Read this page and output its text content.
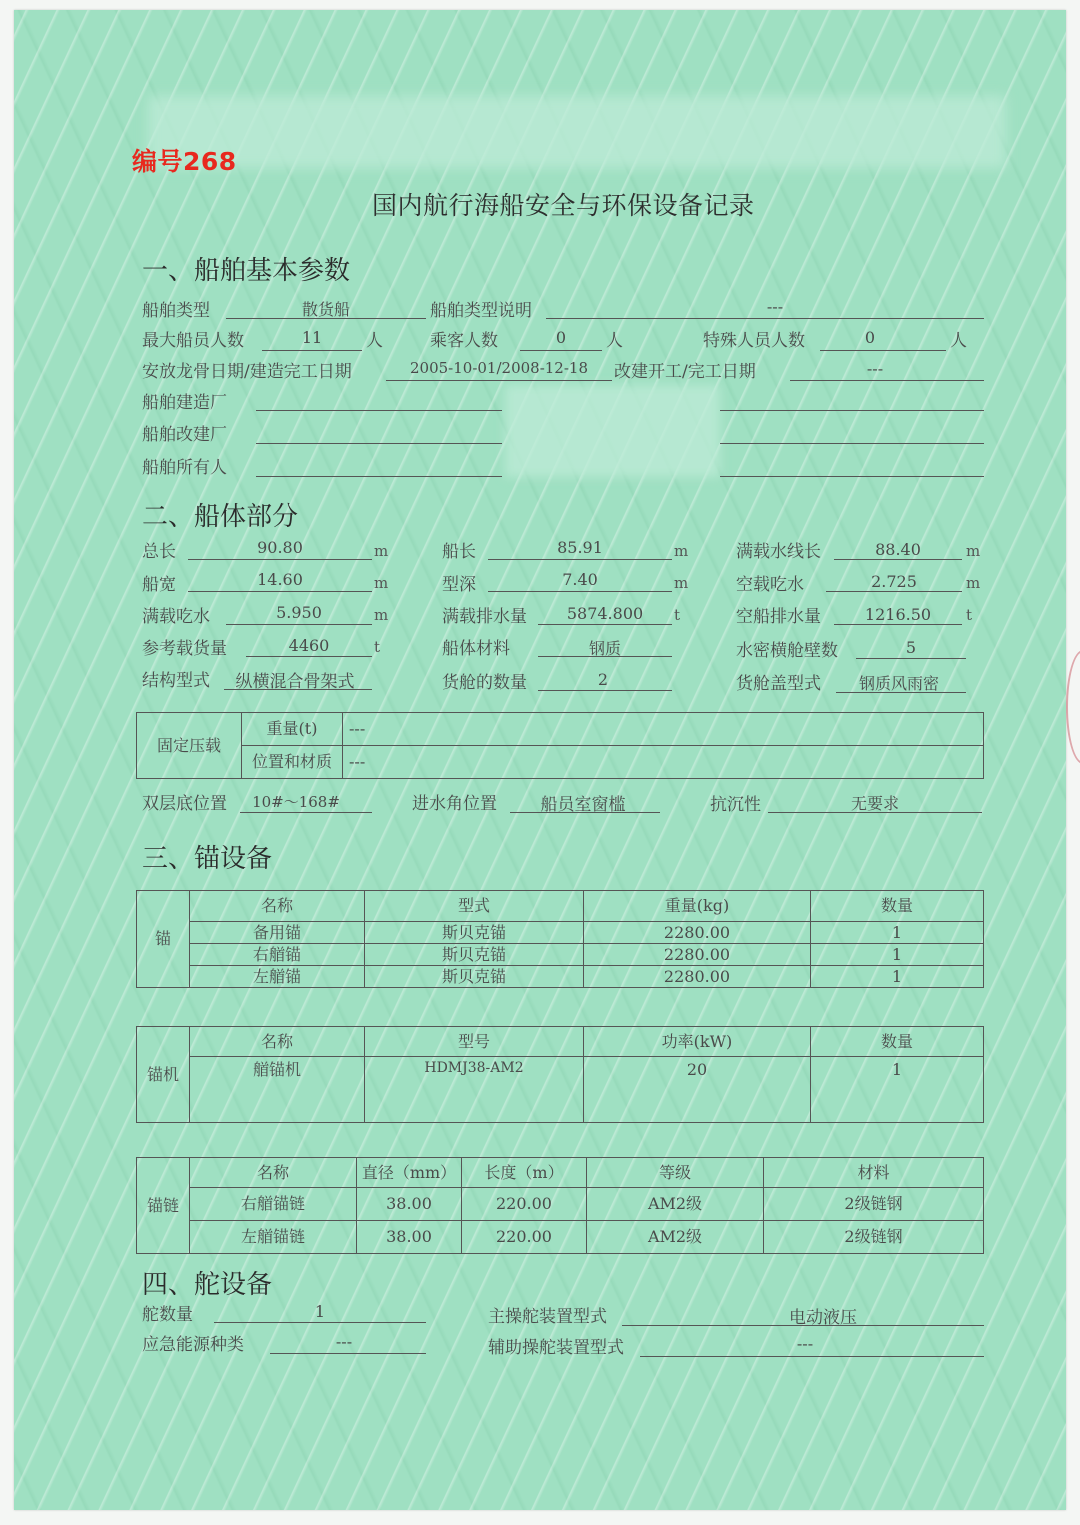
编号268
国内航行海船安全与环保设备记录
一、船舶基本参数
船舶类型	散货船	船舶类型说明	---
最大船员人数	11	人	乘客人数	0	人	特殊人员人数	0	人
安放龙骨日期/建造完工日期	2005-10-01/2008-12-18	改建开工/完工日期	---
船舶建造厂
船舶改建厂
船舶所有人
二、船体部分
总长	90.80	m	船长	85.91	m	满载水线长	88.40	m
船宽	14.60	m	型深	7.40	m	空载吃水	2.725	m
满载吃水	5.950	m	满载排水量	5874.800	t	空船排水量	1216.50	t
参考载货量	4460	t	船体材料	钢质	水密横舱壁数	5
结构型式	纵横混合骨架式	货舱的数量	2	货舱盖型式	钢质风雨密
固定压载	重量(t)	---
	位置和材质	---
双层底位置	10#～168#	进水角位置	船员室窗槛	抗沉性	无要求
三、锚设备
锚	名称	型式	重量(kg)	数量
	备用锚	斯贝克锚	2280.00	1
	右艏锚	斯贝克锚	2280.00	1
	左艏锚	斯贝克锚	2280.00	1
锚机	名称	型号	功率(kW)	数量
	艏锚机	HDMJ38-AM2	20	1
锚链	名称	直径（mm）	长度（m）	等级	材料
	右艏锚链	38.00	220.00	AM2级	2级链钢
	左艏锚链	38.00	220.00	AM2级	2级链钢
四、舵设备
舵数量	1	主操舵装置型式	电动液压
应急能源种类	---	辅助操舵装置型式	---
